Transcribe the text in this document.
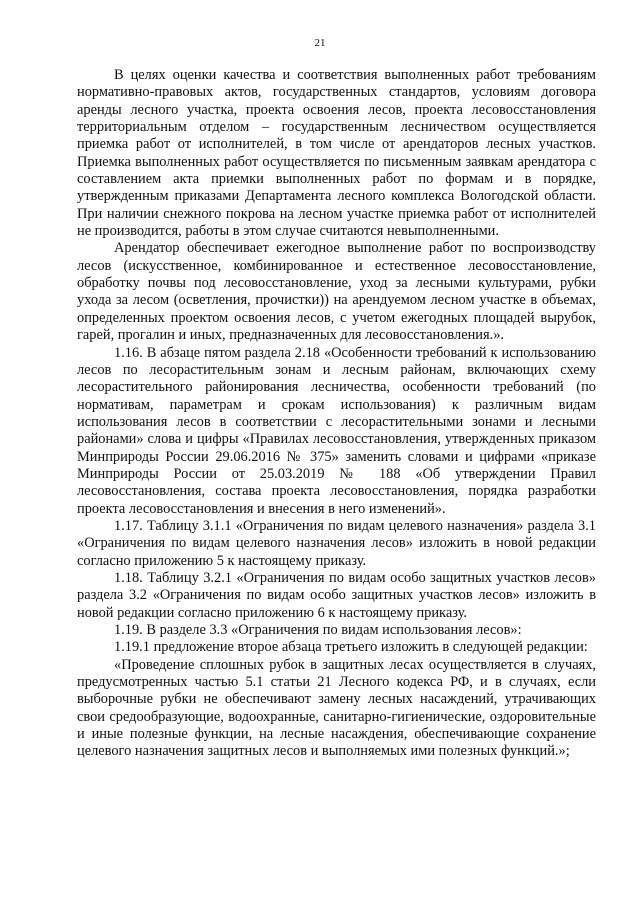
21

В целях оценки качества и соответствия выполненных работ требованиям нормативно-правовых актов, государственных стандартов, условиям договора аренды лесного участка, проекта освоения лесов, проекта лесовосстановления территориальным отделом – государственным лесничеством осуществляется приемка работ от исполнителей, в том числе от арендаторов лесных участков. Приемка выполненных работ осуществляется по письменным заявкам арендатора с составлением акта приемки выполненных работ по формам и в порядке, утвержденным приказами Департамента лесного комплекса Вологодской области. При наличии снежного покрова на лесном участке приемка работ от исполнителей не производится, работы в этом случае считаются невыполненными.

Арендатор обеспечивает ежегодное выполнение работ по воспроизводству лесов (искусственное, комбинированное и естественное лесовосстановление, обработку почвы под лесовосстановление, уход за лесными культурами, рубки ухода за лесом (осветления, прочистки)) на арендуемом лесном участке в объемах, определенных проектом освоения лесов, с учетом ежегодных площадей вырубок, гарей, прогалин и иных, предназначенных для лесовосстановления.».

1.16. В абзаце пятом раздела 2.18 «Особенности требований к использованию лесов по лесорастительным зонам и лесным районам, включающих схему лесорастительного районирования лесничества, особенности требований (по нормативам, параметрам и срокам использования) к различным видам использования лесов в соответствии с лесорастительными зонами и лесными районами» слова и цифры «Правилах лесовосстановления, утвержденных приказом Минприроды России 29.06.2016 № 375» заменить словами и цифрами «приказе Минприроды России от 25.03.2019 № 188 «Об утверждении Правил лесовосстановления, состава проекта лесовосстановления, порядка разработки проекта лесовосстановления и внесения в него изменений».

1.17. Таблицу 3.1.1 «Ограничения по видам целевого назначения» раздела 3.1 «Ограничения по видам целевого назначения лесов» изложить в новой редакции согласно приложению 5 к настоящему приказу.

1.18. Таблицу 3.2.1 «Ограничения по видам особо защитных участков лесов» раздела 3.2 «Ограничения по видам особо защитных участков лесов» изложить в новой редакции согласно приложению 6 к настоящему приказу.

1.19. В разделе 3.3 «Ограничения по видам использования лесов»:

1.19.1 предложение второе абзаца третьего изложить в следующей редакции:

«Проведение сплошных рубок в защитных лесах осуществляется в случаях, предусмотренных частью 5.1 статьи 21 Лесного кодекса РФ, и в случаях, если выборочные рубки не обеспечивают замену лесных насаждений, утрачивающих свои средообразующие, водоохранные, санитарно-гигиенические, оздоровительные и иные полезные функции, на лесные насаждения, обеспечивающие сохранение целевого назначения защитных лесов и выполняемых ими полезных функций.»;
